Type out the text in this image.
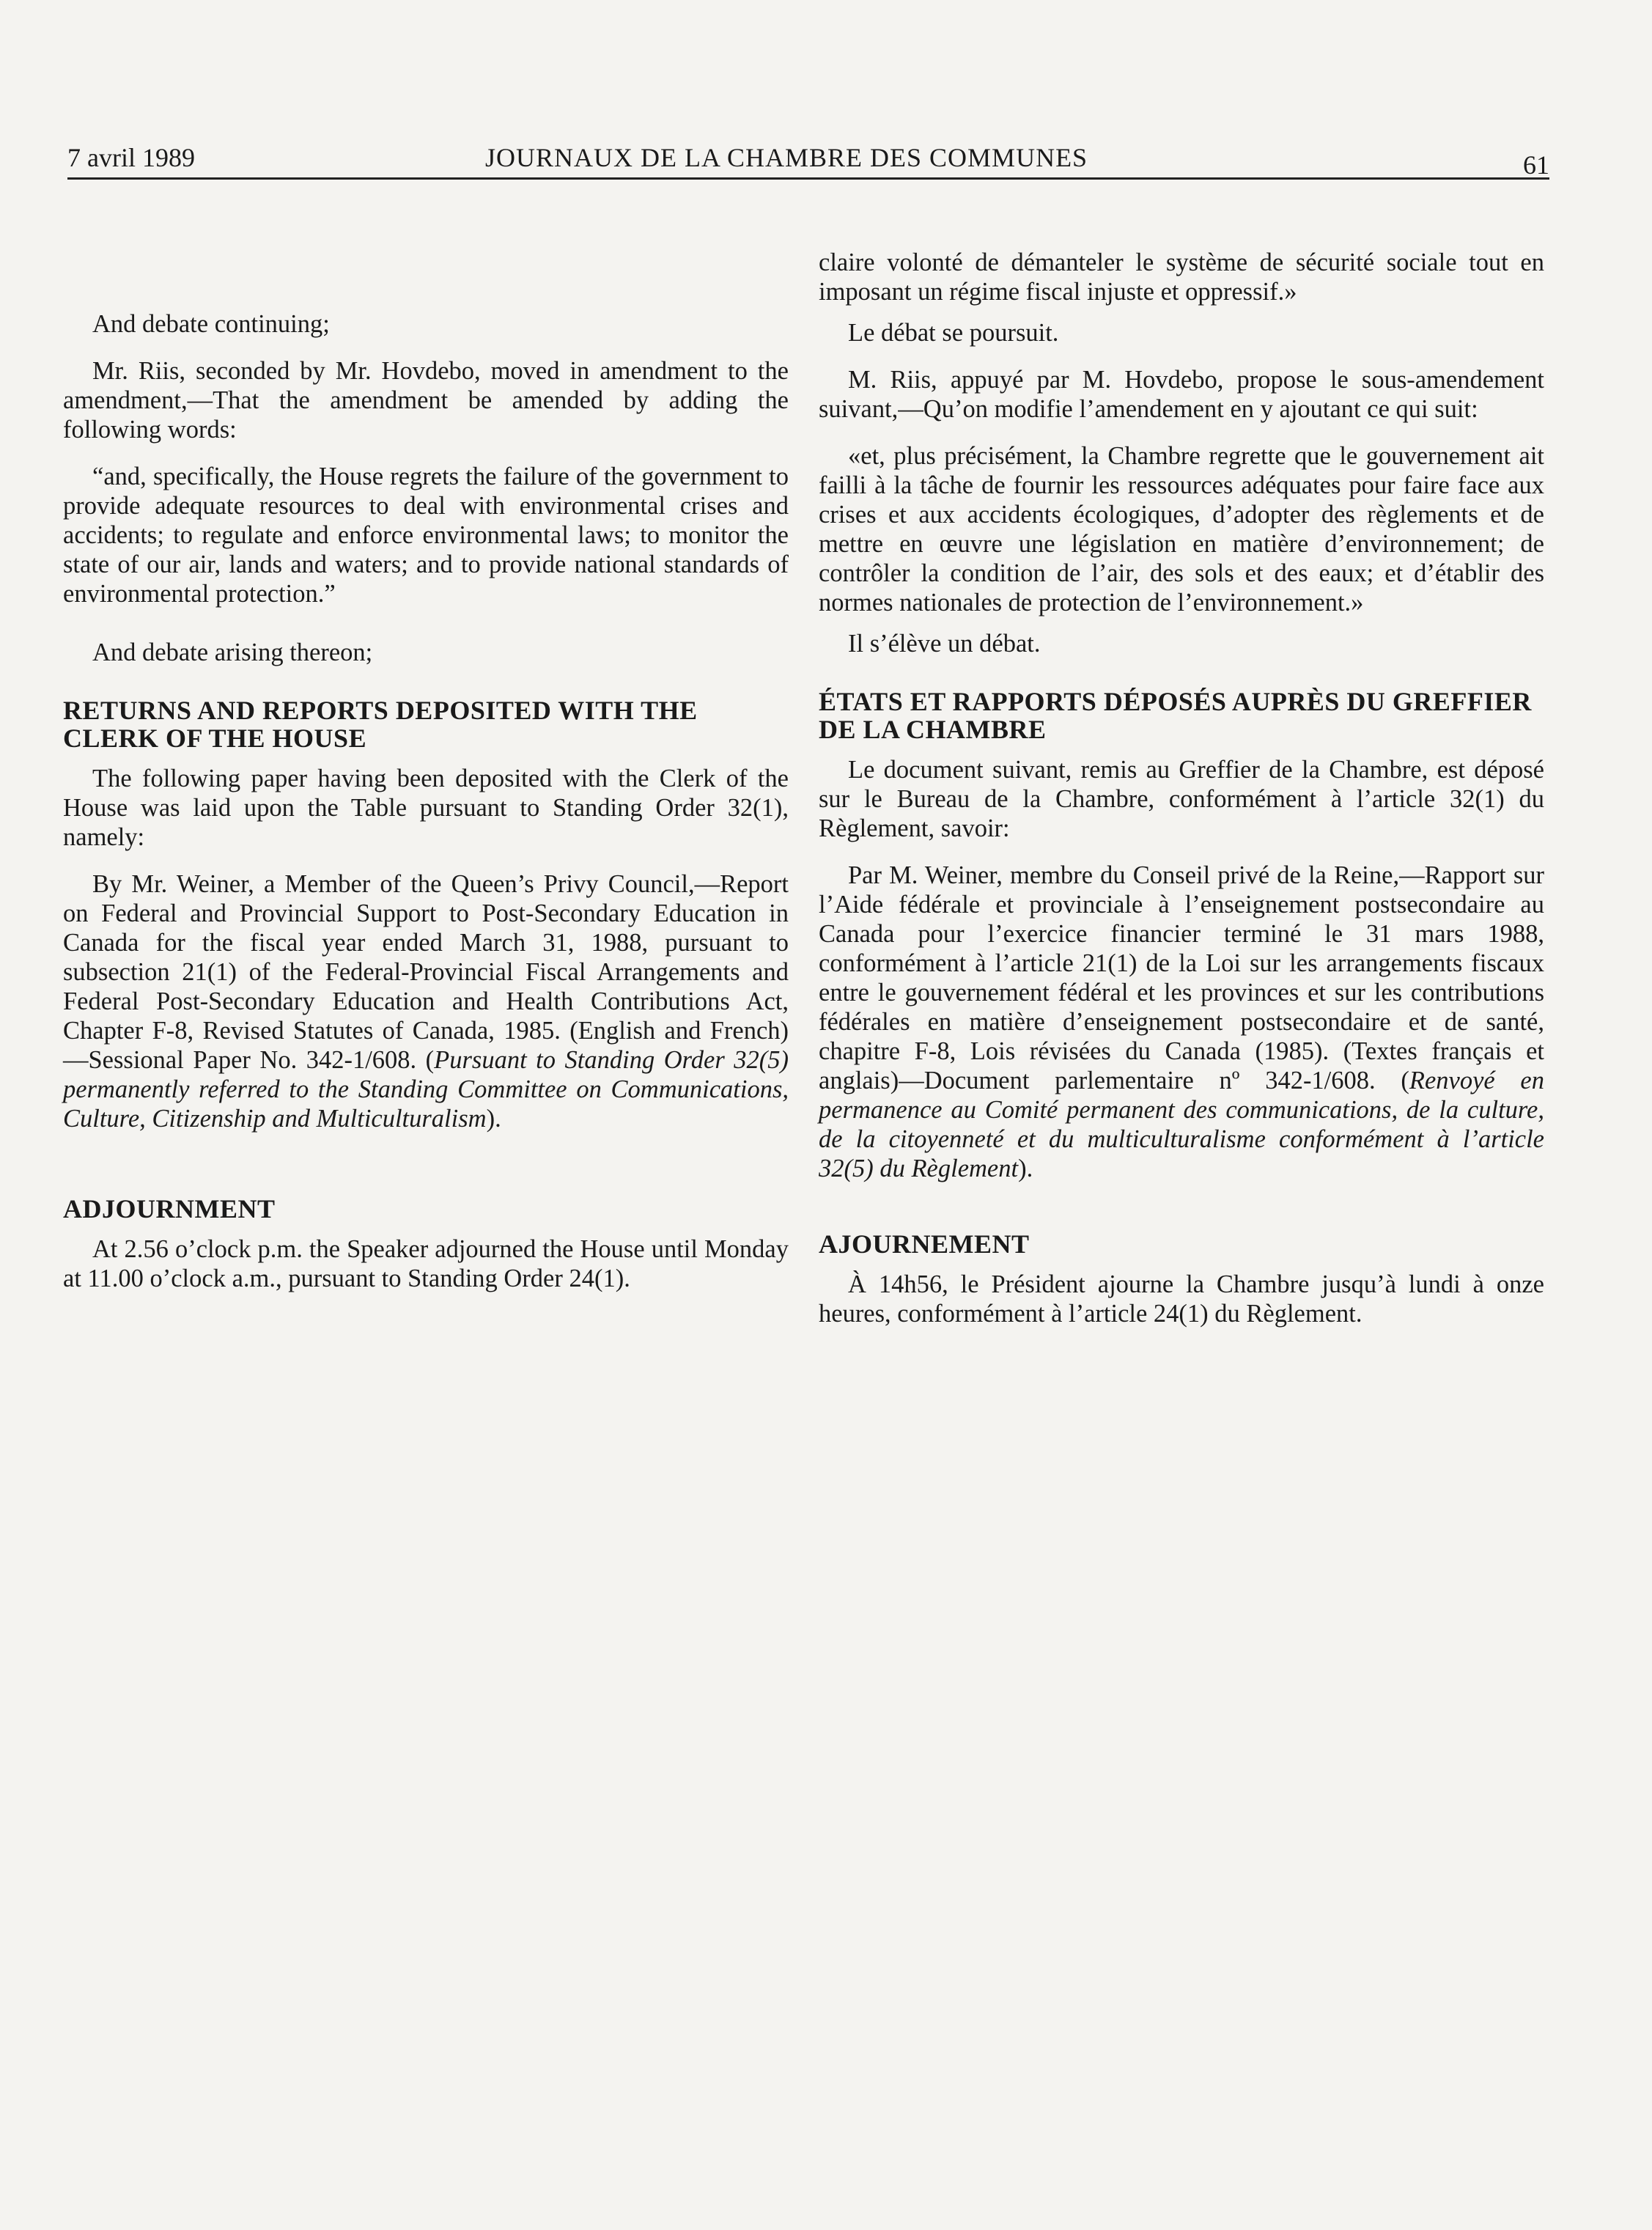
7 avril 1989	JOURNAUX DE LA CHAMBRE DES COMMUNES	61

And debate continuing;

Mr. Riis, seconded by Mr. Hovdebo, moved in amendment to the amendment,—That the amendment be amended by adding the following words:

“and, specifically, the House regrets the failure of the government to provide adequate resources to deal with environmental crises and accidents; to regulate and enforce environmental laws; to monitor the state of our air, lands and waters; and to provide national standards of environmental protection.”

And debate arising thereon;

RETURNS AND REPORTS DEPOSITED WITH THE CLERK OF THE HOUSE

The following paper having been deposited with the Clerk of the House was laid upon the Table pursuant to Standing Order 32(1), namely:

By Mr. Weiner, a Member of the Queen’s Privy Council,—Report on Federal and Provincial Support to Post-Secondary Education in Canada for the fiscal year ended March 31, 1988, pursuant to subsection 21(1) of the Federal-Provincial Fiscal Arrangements and Federal Post-Secondary Education and Health Contributions Act, Chapter F-8, Revised Statutes of Canada, 1985. (English and French)—Sessional Paper No. 342-1/608. (Pursuant to Standing Order 32(5) permanently referred to the Standing Committee on Communications, Culture, Citizenship and Multiculturalism).

ADJOURNMENT

At 2.56 o’clock p.m. the Speaker adjourned the House until Monday at 11.00 o’clock a.m., pursuant to Standing Order 24(1).

claire volonté de démanteler le système de sécurité sociale tout en imposant un régime fiscal injuste et oppressif.»

Le débat se poursuit.

M. Riis, appuyé par M. Hovdebo, propose le sous-amendement suivant,—Qu’on modifie l’amendement en y ajoutant ce qui suit:

«et, plus précisément, la Chambre regrette que le gouvernement ait failli à la tâche de fournir les ressources adéquates pour faire face aux crises et aux accidents écologiques, d’adopter des règlements et de mettre en œuvre une législation en matière d’environnement; de contrôler la condition de l’air, des sols et des eaux; et d’établir des normes nationales de protection de l’environnement.»

Il s’élève un débat.

ÉTATS ET RAPPORTS DÉPOSÉS AUPRÈS DU GREFFIER DE LA CHAMBRE

Le document suivant, remis au Greffier de la Chambre, est déposé sur le Bureau de la Chambre, conformément à l’article 32(1) du Règlement, savoir:

Par M. Weiner, membre du Conseil privé de la Reine,—Rapport sur l’Aide fédérale et provinciale à l’enseignement postsecondaire au Canada pour l’exercice financier terminé le 31 mars 1988, conformément à l’article 21(1) de la Loi sur les arrangements fiscaux entre le gouvernement fédéral et les provinces et sur les contributions fédérales en matière d’enseignement postsecondaire et de santé, chapitre F-8, Lois révisées du Canada (1985). (Textes français et anglais)—Document parlementaire nº 342-1/608. (Renvoyé en permanence au Comité permanent des communications, de la culture, de la citoyenneté et du multiculturalisme conformément à l’article 32(5) du Règlement).

AJOURNEMENT

À 14h56, le Président ajourne la Chambre jusqu’à lundi à onze heures, conformément à l’article 24(1) du Règlement.
